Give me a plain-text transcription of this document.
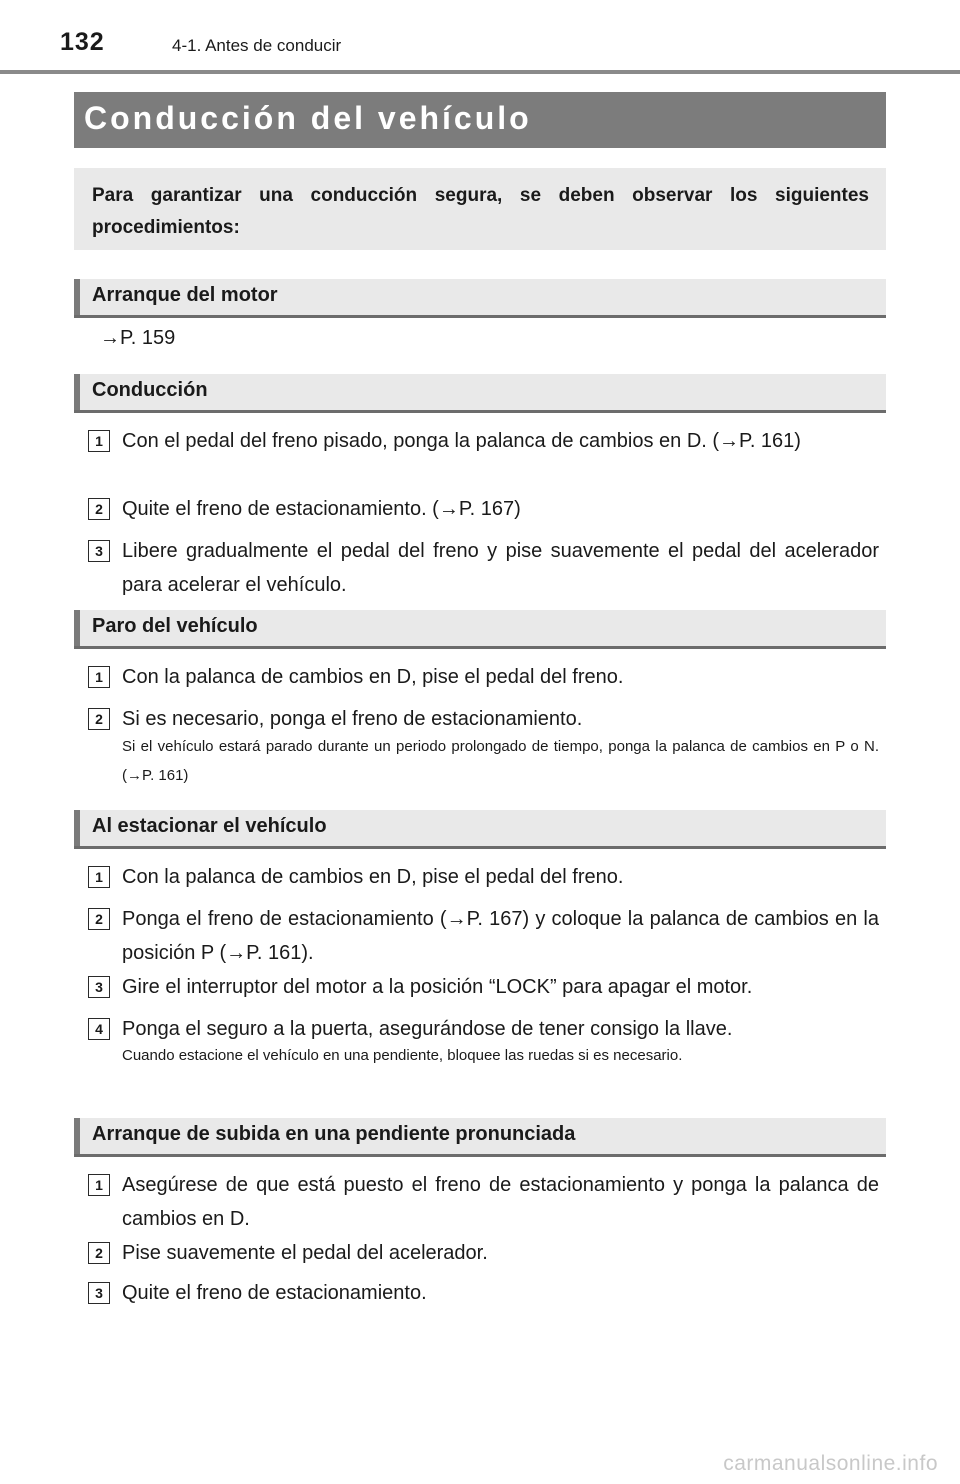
132	4-1. Antes de conducir
Conducción del vehículo

Para garantizar una conducción segura, se deben observar los siguientes procedimientos:

Arranque del motor
→P. 159
Conducción
1 Con el pedal del freno pisado, ponga la palanca de cambios en D. (→P. 161)
2 Quite el freno de estacionamiento. (→P. 167)
3 Libere gradualmente el pedal del freno y pise suavemente el pedal del acelerador para acelerar el vehículo.
Paro del vehículo
1 Con la palanca de cambios en D, pise el pedal del freno.
2 Si es necesario, ponga el freno de estacionamiento.
Si el vehículo estará parado durante un periodo prolongado de tiempo, ponga la palanca de cambios en P o N. (→P. 161)
Al estacionar el vehículo
1 Con la palanca de cambios en D, pise el pedal del freno.
2 Ponga el freno de estacionamiento (→P. 167) y coloque la palanca de cambios en la posición P (→P. 161).
3 Gire el interruptor del motor a la posición “LOCK” para apagar el motor.
4 Ponga el seguro a la puerta, asegurándose de tener consigo la llave.
Cuando estacione el vehículo en una pendiente, bloquee las ruedas si es necesario.
Arranque de subida en una pendiente pronunciada
1 Asegúrese de que está puesto el freno de estacionamiento y ponga la palanca de cambios en D.
2 Pise suavemente el pedal del acelerador.
3 Quite el freno de estacionamiento.
carmanualsonline.info
